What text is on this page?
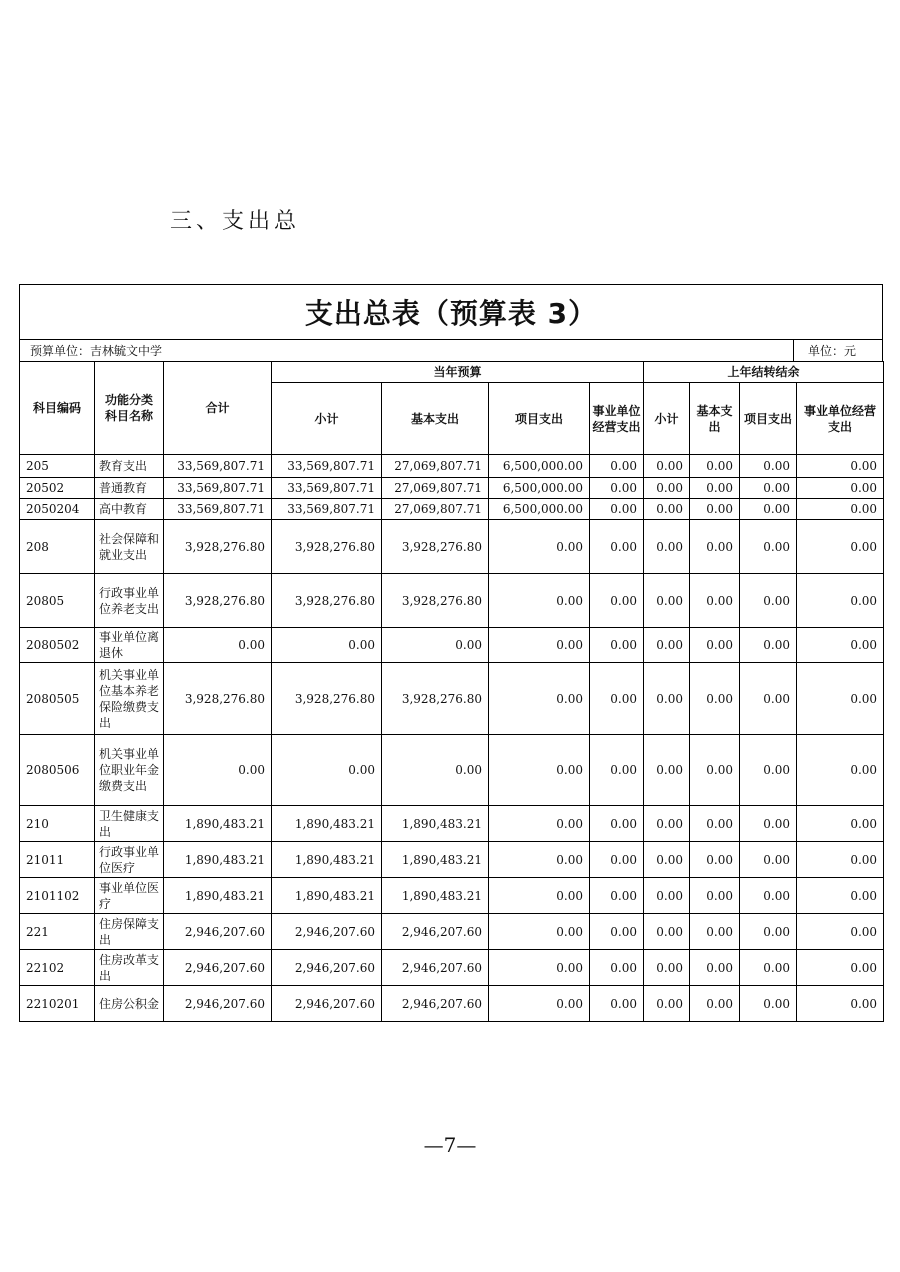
三、支出总
支出总表（预算表 3）
预算单位：吉林毓文中学	单位：元
科目编码	功能分类科目名称	合计	当年预算				上年结转结余			
			小计	基本支出	项目支出	事业单位经营支出	小计	基本支出	项目支出	事业单位经营支出
205	教育支出	33,569,807.71	33,569,807.71	27,069,807.71	6,500,000.00	0.00	0.00	0.00	0.00	0.00
20502	普通教育	33,569,807.71	33,569,807.71	27,069,807.71	6,500,000.00	0.00	0.00	0.00	0.00	0.00
2050204	高中教育	33,569,807.71	33,569,807.71	27,069,807.71	6,500,000.00	0.00	0.00	0.00	0.00	0.00
208	社会保障和就业支出	3,928,276.80	3,928,276.80	3,928,276.80	0.00	0.00	0.00	0.00	0.00	0.00
20805	行政事业单位养老支出	3,928,276.80	3,928,276.80	3,928,276.80	0.00	0.00	0.00	0.00	0.00	0.00
2080502	事业单位离退休	0.00	0.00	0.00	0.00	0.00	0.00	0.00	0.00	0.00
2080505	机关事业单位基本养老保险缴费支出	3,928,276.80	3,928,276.80	3,928,276.80	0.00	0.00	0.00	0.00	0.00	0.00
2080506	机关事业单位职业年金缴费支出	0.00	0.00	0.00	0.00	0.00	0.00	0.00	0.00	0.00
210	卫生健康支出	1,890,483.21	1,890,483.21	1,890,483.21	0.00	0.00	0.00	0.00	0.00	0.00
21011	行政事业单位医疗	1,890,483.21	1,890,483.21	1,890,483.21	0.00	0.00	0.00	0.00	0.00	0.00
2101102	事业单位医疗	1,890,483.21	1,890,483.21	1,890,483.21	0.00	0.00	0.00	0.00	0.00	0.00
221	住房保障支出	2,946,207.60	2,946,207.60	2,946,207.60	0.00	0.00	0.00	0.00	0.00	0.00
22102	住房改革支出	2,946,207.60	2,946,207.60	2,946,207.60	0.00	0.00	0.00	0.00	0.00	0.00
2210201	住房公积金	2,946,207.60	2,946,207.60	2,946,207.60	0.00	0.00	0.00	0.00	0.00	0.00
—7—
